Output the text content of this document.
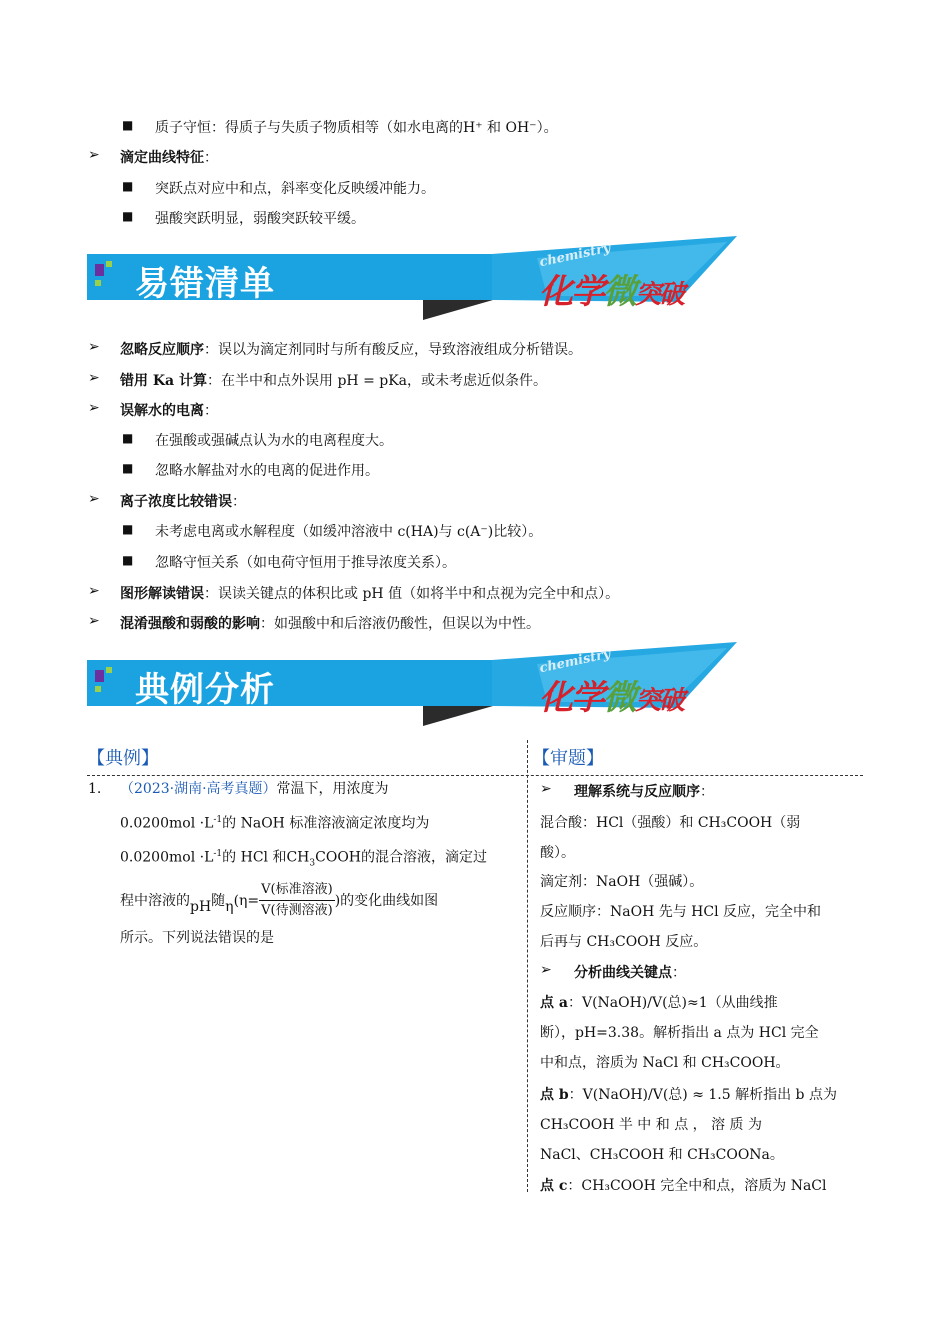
■ 质子守恒：得质子与失质子物质相等（如水电离的H⁺ 和 OH⁻）。
➢ 滴定曲线特征：
■ 突跃点对应中和点，斜率变化反映缓冲能力。
■ 强酸突跃明显，弱酸突跃较平缓。
易错清单
chemistry
化学微突破
➢ 忽略反应顺序：误以为滴定剂同时与所有酸反应，导致溶液组成分析错误。
➢ 错用 Ka 计算：在半中和点外误用 pH = pKa，或未考虑近似条件。
➢ 误解水的电离：
■ 在强酸或强碱点认为水的电离程度大。
■ 忽略水解盐对水的电离的促进作用。
➢ 离子浓度比较错误：
■ 未考虑电离或水解程度（如缓冲溶液中 c(HA)与 c(A⁻)比较）。
■ 忽略守恒关系（如电荷守恒用于推导浓度关系）。
➢ 图形解读错误：误读关键点的体积比或 pH 值（如将半中和点视为完全中和点）。
➢ 混淆强酸和弱酸的影响：如强酸中和后溶液仍酸性，但误以为中性。
典例分析
chemistry
化学微突破
【典例】	【审题】
1. （2023·湖南·高考真题）常温下，用浓度为
$0.0200mol \cdot L^{-1}$的 NaOH 标准溶液滴定浓度均为
$0.0200mol \cdot L^{-1}$的 HCl 和$CH_3COOH$的混合溶液，滴定过
程中溶液的pH随$\eta(\eta= \frac{\text{V(标准溶液)}}{\text{V(待测溶液)}}$ )的变化曲线如图
所示。下列说法错误的是
➢ 理解系统与反应顺序：
混合酸：HCl（强酸）和 CH₃COOH（弱
酸）。
滴定剂：NaOH（强碱）。
反应顺序：NaOH 先与 HCl 反应，完全中和
后再与 CH₃COOH 反应。
➢ 分析曲线关键点：
点 a：V(NaOH)/V(总)≈1（从曲线推
断），pH=3.38。解析指出 a 点为 HCl 完全
中和点，溶质为 NaCl 和 CH₃COOH。
点 b：V(NaOH)/V(总) ≈ 1.5 解析指出 b 点为
CH₃COOH 半 中 和 点 ， 溶 质 为
NaCl、CH₃COOH 和 CH₃COONa。
点 c：CH₃COOH 完全中和点，溶质为 NaCl
